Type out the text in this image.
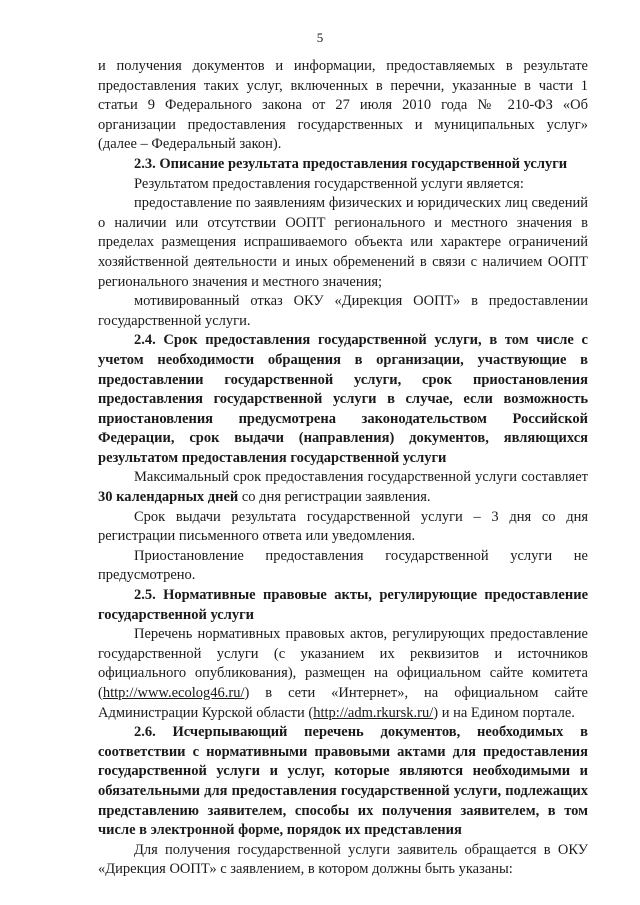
5

и получения документов и информации, предоставляемых в результате предоставления таких услуг, включенных в перечни, указанные в части 1 статьи 9 Федерального закона от 27 июля 2010 года № 210-ФЗ «Об организации предоставления государственных и муниципальных услуг» (далее – Федеральный закон).

2.3. Описание результата предоставления государственной услуги

Результатом предоставления государственной услуги является:

предоставление по заявлениям физических и юридических лиц сведений о наличии или отсутствии ООПТ регионального и местного значения в пределах размещения испрашиваемого объекта или характере ограничений хозяйственной деятельности и иных обременений в связи с наличием ООПТ регионального значения и местного значения;

мотивированный отказ ОКУ «Дирекция ООПТ» в предоставлении государственной услуги.

2.4. Срок предоставления государственной услуги, в том числе с учетом необходимости обращения в организации, участвующие в предоставлении государственной услуги, срок приостановления предоставления государственной услуги в случае, если возможность приостановления предусмотрена законодательством Российской Федерации, срок выдачи (направления) документов, являющихся результатом предоставления государственной услуги

Максимальный срок предоставления государственной услуги составляет 30 календарных дней со дня регистрации заявления.

Срок выдачи результата государственной услуги – 3 дня со дня регистрации письменного ответа или уведомления.

Приостановление предоставления государственной услуги не предусмотрено.

2.5. Нормативные правовые акты, регулирующие предоставление государственной услуги

Перечень нормативных правовых актов, регулирующих предоставление государственной услуги (с указанием их реквизитов и источников официального опубликования), размещен на официальном сайте комитета (http://www.ecolog46.ru/) в сети «Интернет», на официальном сайте Администрации Курской области (http://adm.rkursk.ru/) и на Едином портале.

2.6. Исчерпывающий перечень документов, необходимых в соответствии с нормативными правовыми актами для предоставления государственной услуги и услуг, которые являются необходимыми и обязательными для предоставления государственной услуги, подлежащих представлению заявителем, способы их получения заявителем, в том числе в электронной форме, порядок их представления

Для получения государственной услуги заявитель обращается в ОКУ «Дирекция ООПТ» с заявлением, в котором должны быть указаны:
